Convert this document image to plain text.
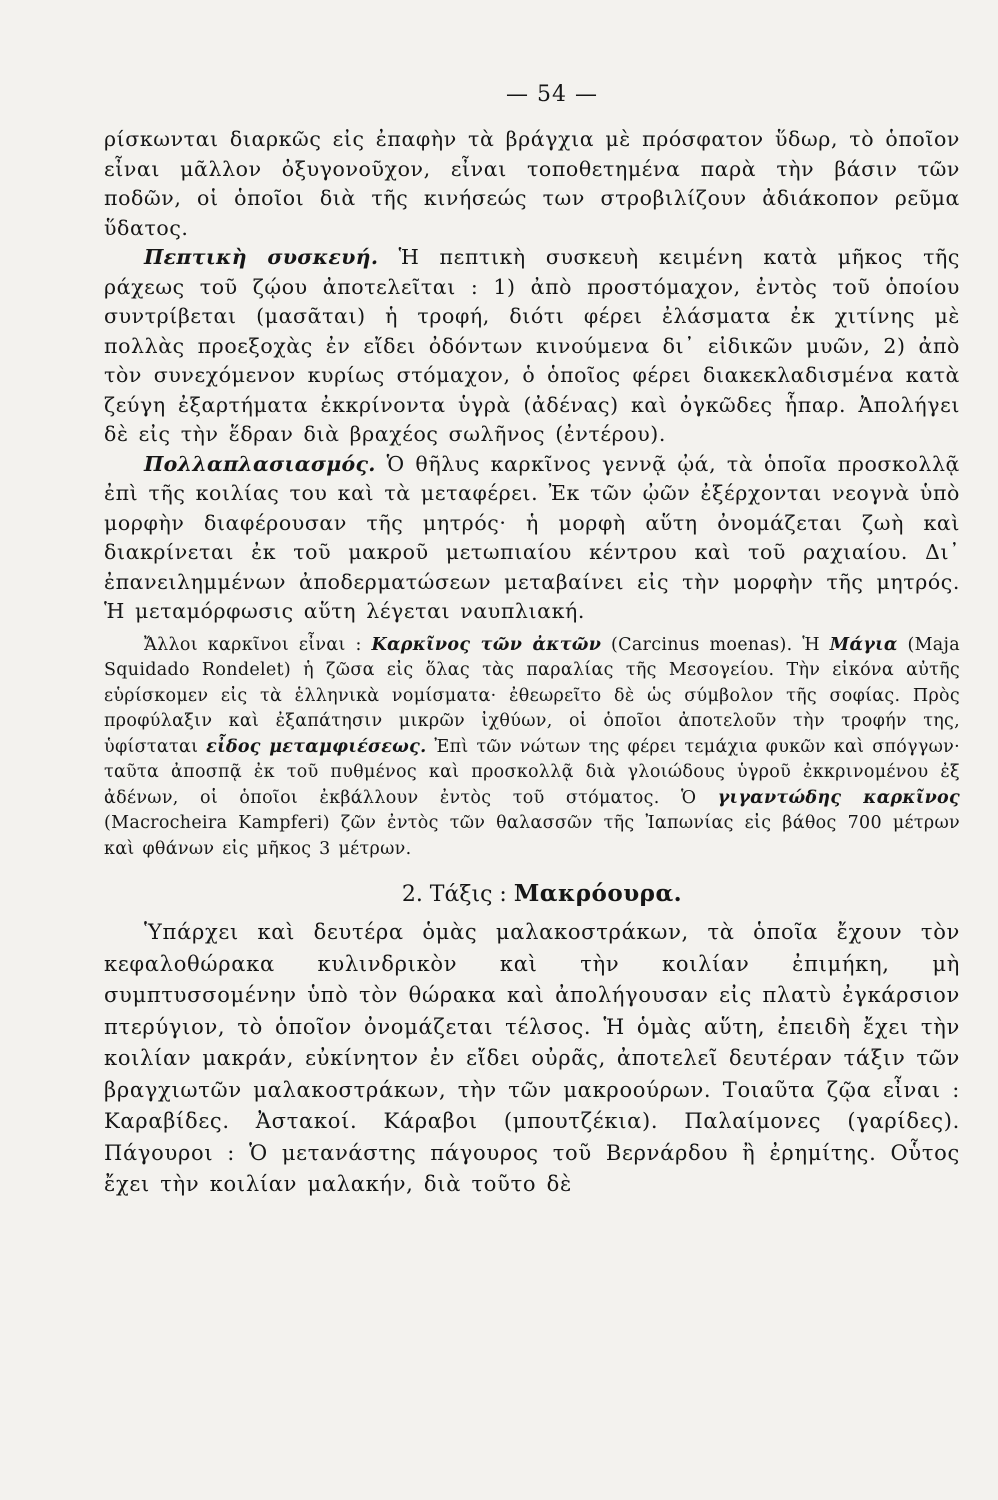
— 54 —

ρίσκωνται διαρκῶς εἰς ἐπαφὴν τὰ βράγχια μὲ πρόσφατον ὕδωρ, τὸ ὁποῖον εἶναι μᾶλλον ὀξυγονοῦχον, εἶναι τοποθετημένα παρὰ τὴν βάσιν τῶν ποδῶν, οἱ ὁποῖοι διὰ τῆς κινήσεώς των στροβιλίζουν ἀδιάκοπον ρεῦμα ὕδατος.

Πεπτικὴ συσκευή. Ἡ πεπτικὴ συσκευὴ κειμένη κατὰ μῆκος τῆς ράχεως τοῦ ζῴου ἀποτελεῖται : 1) ἀπὸ προστόμαχον, ἐντὸς τοῦ ὁποίου συντρίβεται (μασᾶται) ἡ τροφή, διότι φέρει ἐλάσματα ἐκ χιτίνης μὲ πολλὰς προεξοχὰς ἐν εἴδει ὀδόντων κινούμενα δι᾽ εἰδικῶν μυῶν, 2) ἀπὸ τὸν συνεχόμενον κυρίως στόμαχον, ὁ ὁποῖος φέρει διακεκλαδισμένα κατὰ ζεύγη ἐξαρτήματα ἐκκρίνοντα ὑγρὰ (ἀδένας) καὶ ὀγκῶδες ἧπαρ. Ἀπολήγει δὲ εἰς τὴν ἕδραν διὰ βραχέος σωλῆνος (ἐντέρου).

Πολλαπλασιασμός. Ὁ θῆλυς καρκῖνος γεννᾷ ᾠά, τὰ ὁποῖα προσκολλᾷ ἐπὶ τῆς κοιλίας του καὶ τὰ μεταφέρει. Ἐκ τῶν ᾠῶν ἐξέρχονται νεογνὰ ὑπὸ μορφὴν διαφέρουσαν τῆς μητρός· ἡ μορφὴ αὕτη ὀνομάζεται ζωὴ καὶ διακρίνεται ἐκ τοῦ μακροῦ μετωπιαίου κέντρου καὶ τοῦ ραχιαίου. Δι᾽ ἐπανειλημμένων ἀποδερματώσεων μεταβαίνει εἰς τὴν μορφὴν τῆς μητρός. Ἡ μεταμόρφωσις αὕτη λέγεται ναυπλιακή.

Ἄλλοι καρκῖνοι εἶναι : Καρκῖνος τῶν ἀκτῶν (Carcinus moenas). Ἡ Μάγια (Maja Squidado Rondelet) ἡ ζῶσα εἰς ὅλας τὰς παραλίας τῆς Μεσογείου. Τὴν εἰκόνα αὐτῆς εὑρίσκομεν εἰς τὰ ἑλληνικὰ νομίσματα· ἐθεωρεῖτο δὲ ὡς σύμβολον τῆς σοφίας. Πρὸς προφύλαξιν καὶ ἐξαπάτησιν μικρῶν ἰχθύων, οἱ ὁποῖοι ἀποτελοῦν τὴν τροφήν της, ὑφίσταται εἶδος μεταμφιέσεως. Ἐπὶ τῶν νώτων της φέρει τεμάχια φυκῶν καὶ σπόγγων· ταῦτα ἀποσπᾷ ἐκ τοῦ πυθμένος καὶ προσκολλᾷ διὰ γλοιώδους ὑγροῦ ἐκκρινομένου ἐξ ἀδένων, οἱ ὁποῖοι ἐκβάλλουν ἐντὸς τοῦ στόματος. Ὁ γιγαντώδης καρκῖνος (Macrocheira Kampferi) ζῶν ἐντὸς τῶν θαλασσῶν τῆς Ἰαπωνίας εἰς βάθος 700 μέτρων καὶ φθάνων εἰς μῆκος 3 μέτρων.

2. Τάξις : Μακρόουρα.

Ὑπάρχει καὶ δευτέρα ὁμὰς μαλακοστράκων, τὰ ὁποῖα ἔχουν τὸν κεφαλοθώρακα κυλινδρικὸν καὶ τὴν κοιλίαν ἐπιμήκη, μὴ συμπτυσσομένην ὑπὸ τὸν θώρακα καὶ ἀπολήγουσαν εἰς πλατὺ ἐγκάρσιον πτερύγιον, τὸ ὁποῖον ὀνομάζεται τέλσος. Ἡ ὁμὰς αὕτη, ἐπειδὴ ἔχει τὴν κοιλίαν μακράν, εὐκίνητον ἐν εἴδει οὐρᾶς, ἀποτελεῖ δευτέραν τάξιν τῶν βραγχιωτῶν μαλακοστράκων, τὴν τῶν μακροούρων. Τοιαῦτα ζῷα εἶναι : Καραβίδες. Ἀστακοί. Κάραβοι (μπουτζέκια). Παλαίμονες (γαρίδες). Πάγουροι : Ὁ μετανάστης πάγουρος τοῦ Βερνάρδου ἢ ἐρημίτης. Οὗτος ἔχει τὴν κοιλίαν μαλακήν, διὰ τοῦτο δὲ
